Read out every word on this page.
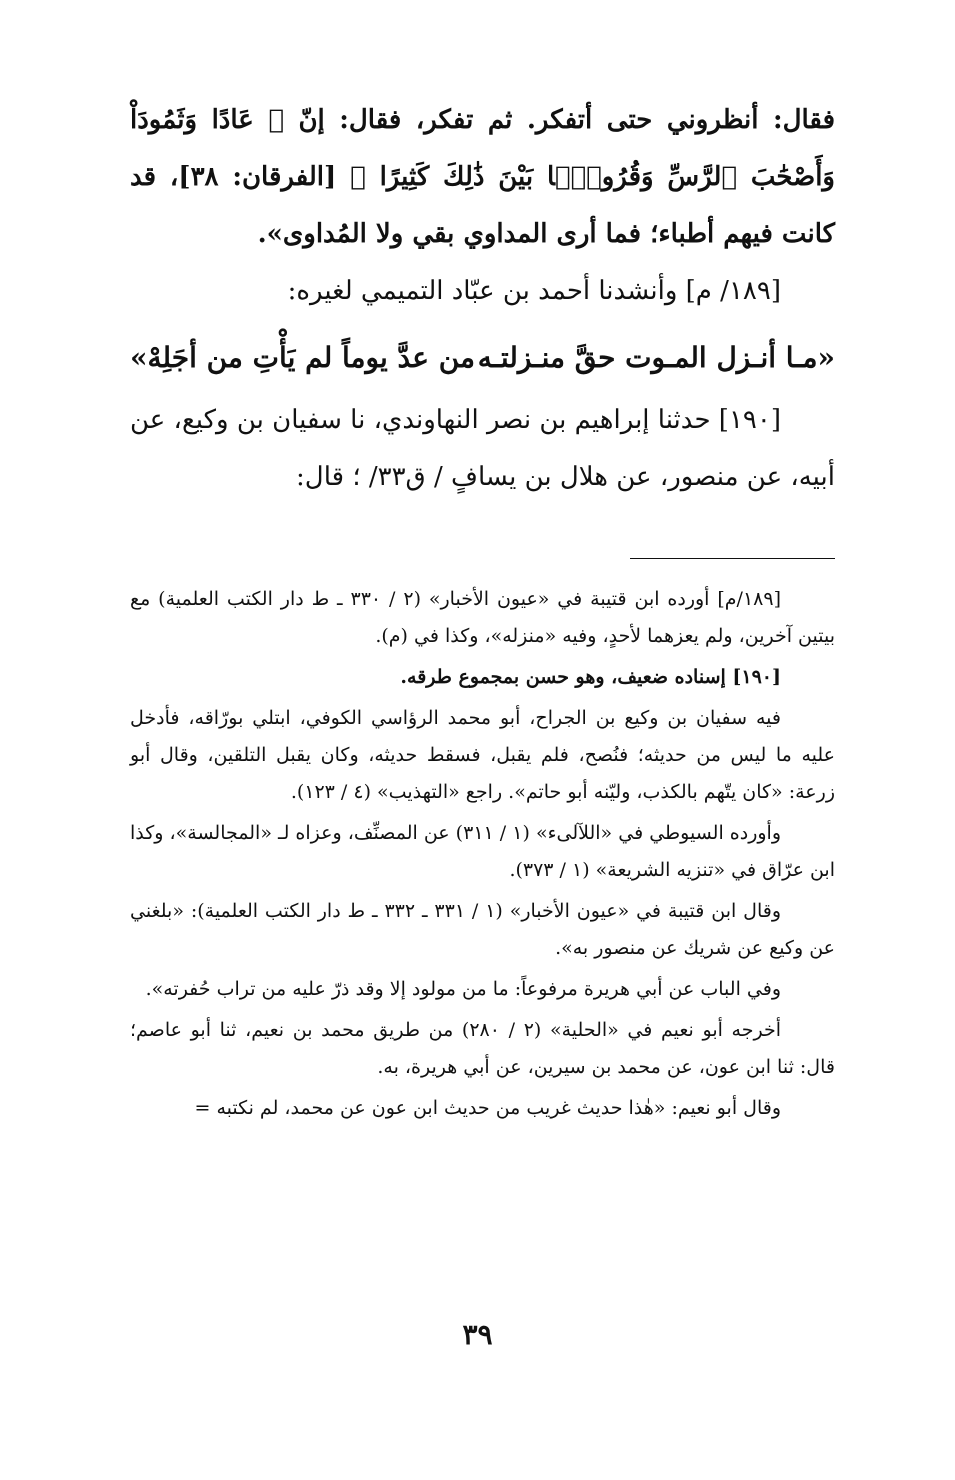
فقال: أنظروني حتى أتفكر. ثم تفكر، فقال: إنّ ﴿ عَادًا وَثَمُودَاْ وَأَصْحَٰبَ ٱلرَّسِّ وَقُرُونَۢا بَيْنَ ذَٰلِكَ كَثِيرًا ﴾ [الفرقان: ٣٨]، قد كانت فيهم أطباء؛ فما أرى المداوي بقي ولا المُداوى».

[١٨٩/ م] وأنشدنا أحمد بن عبّاد التميمي لغيره:

«مـا أنـزل المـوت حقَّ منـزلتـه
من عدَّ يوماً لم يَأْتِ من أجَلِهْ»

[١٩٠] حدثنا إبراهيم بن نصر النهاوندي، نا سفيان بن وكيع، عن أبيه، عن منصور، عن هلال بن يسافٍ / ق٣٣/ ؛ قال:

[١٨٩/م] أورده ابن قتيبة في «عيون الأخبار» (٢ / ٣٣٠ ـ ط دار الكتب العلمية) مع بيتين آخرين، ولم يعزهما لأحدٍ، وفيه «منزله»، وكذا في (م).

[١٩٠] إسناده ضعيف، وهو حسن بمجموع طرقه.

فيه سفيان بن وكيع بن الجراح، أبو محمد الرؤاسي الكوفي، ابتلي بورّاقه، فأدخل عليه ما ليس من حديثه؛ فنُصح، فلم يقبل، فسقط حديثه، وكان يقبل التلقين، وقال أبو زرعة: «كان يتّهم بالكذب، وليّنه أبو حاتم». راجع «التهذيب» (٤ / ١٢٣).

وأورده السيوطي في «اللآلىء» (١ / ٣١١) عن المصنِّف، وعزاه لـ «المجالسة»، وكذا ابن عرّاق في «تنزيه الشريعة» (١ / ٣٧٣).

وقال ابن قتيبة في «عيون الأخبار» (١ / ٣٣١ ـ ٣٣٢ ـ ط دار الكتب العلمية): «بلغني عن وكيع عن شريك عن منصور به».

وفي الباب عن أبي هريرة مرفوعاً: ما من مولود إلا وقد ذرّ عليه من تراب حُفرته».

أخرجه أبو نعيم في «الحلية» (٢ / ٢٨٠) من طريق محمد بن نعيم، ثنا أبو عاصم؛ قال: ثنا ابن عون، عن محمد بن سيرين، عن أبي هريرة، به.

وقال أبو نعيم: «هٰذا حديث غريب من حديث ابن عون عن محمد، لم نكتبه =

٣٩
